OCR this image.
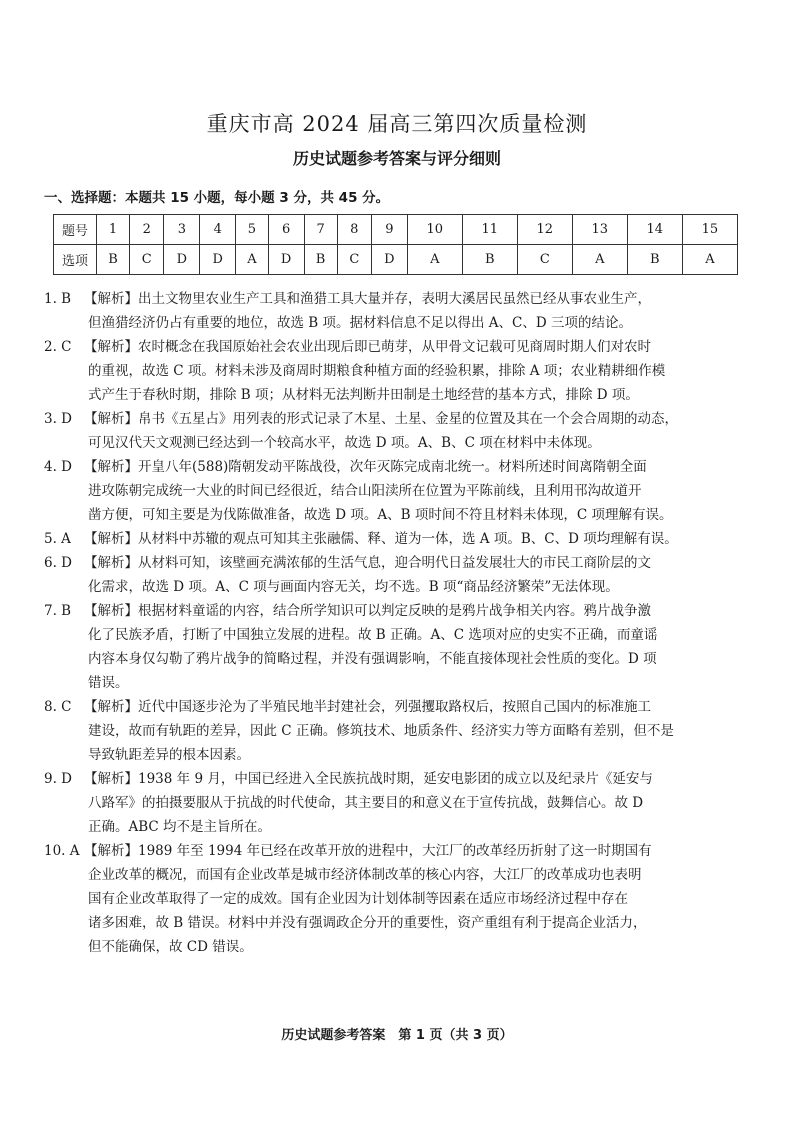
重庆市高 2024 届高三第四次质量检测
历史试题参考答案与评分细则
一、选择题：本题共 15 小题，每小题 3 分，共 45 分。
题号	1	2	3	4	5	6	7	8	9	10	11	12	13	14	15
选项	B	C	D	D	A	D	B	C	D	A	B	C	A	B	A
1. B 【解析】出土文物里农业生产工具和渔猎工具大量并存，表明大溪居民虽然已经从事农业生产，
但渔猎经济仍占有重要的地位，故选 B 项。据材料信息不足以得出 A、C、D 三项的结论。
2. C 【解析】农时概念在我国原始社会农业出现后即已萌芽，从甲骨文记载可见商周时期人们对农时
的重视，故选 C 项。材料未涉及商周时期粮食种植方面的经验积累，排除 A 项；农业精耕细作模
式产生于春秋时期，排除 B 项；从材料无法判断井田制是土地经营的基本方式，排除 D 项。
3. D 【解析】帛书《五星占》用列表的形式记录了木星、土星、金星的位置及其在一个会合周期的动态，
可见汉代天文观测已经达到一个较高水平，故选 D 项。A、B、C 项在材料中未体现。
4. D 【解析】开皇八年(588)隋朝发动平陈战役，次年灭陈完成南北统一。材料所述时间离隋朝全面
进攻陈朝完成统一大业的时间已经很近，结合山阳渎所在位置为平陈前线，且利用邗沟故道开
凿方便，可知主要是为伐陈做准备，故选 D 项。A、B 项时间不符且材料未体现，C 项理解有误。
5. A 【解析】从材料中苏辙的观点可知其主张融儒、释、道为一体，选 A 项。B、C、D 项均理解有误。
6. D 【解析】从材料可知，该壁画充满浓郁的生活气息，迎合明代日益发展壮大的市民工商阶层的文
化需求，故选 D 项。A、C 项与画面内容无关，均不选。B 项“商品经济繁荣”无法体现。
7. B 【解析】根据材料童谣的内容，结合所学知识可以判定反映的是鸦片战争相关内容。鸦片战争激
化了民族矛盾，打断了中国独立发展的进程。故 B 正确。A、C 选项对应的史实不正确，而童谣
内容本身仅勾勒了鸦片战争的简略过程，并没有强调影响，不能直接体现社会性质的变化。D 项
错误。
8. C 【解析】近代中国逐步沦为了半殖民地半封建社会，列强攫取路权后，按照自己国内的标准施工
建设，故而有轨距的差异，因此 C 正确。修筑技术、地质条件、经济实力等方面略有差别，但不是
导致轨距差异的根本因素。
9. D 【解析】1938 年 9 月，中国已经进入全民族抗战时期，延安电影团的成立以及纪录片《延安与
八路军》的拍摄要服从于抗战的时代使命，其主要目的和意义在于宣传抗战，鼓舞信心。故 D
正确。ABC 均不是主旨所在。
10. A 【解析】1989 年至 1994 年已经在改革开放的进程中，大江厂的改革经历折射了这一时期国有
企业改革的概况，而国有企业改革是城市经济体制改革的核心内容，大江厂的改革成功也表明
国有企业改革取得了一定的成效。国有企业因为计划体制等因素在适应市场经济过程中存在
诸多困难，故 B 错误。材料中并没有强调政企分开的重要性，资产重组有利于提高企业活力，
但不能确保，故 CD 错误。
历史试题参考答案　第 1 页（共 3 页）
